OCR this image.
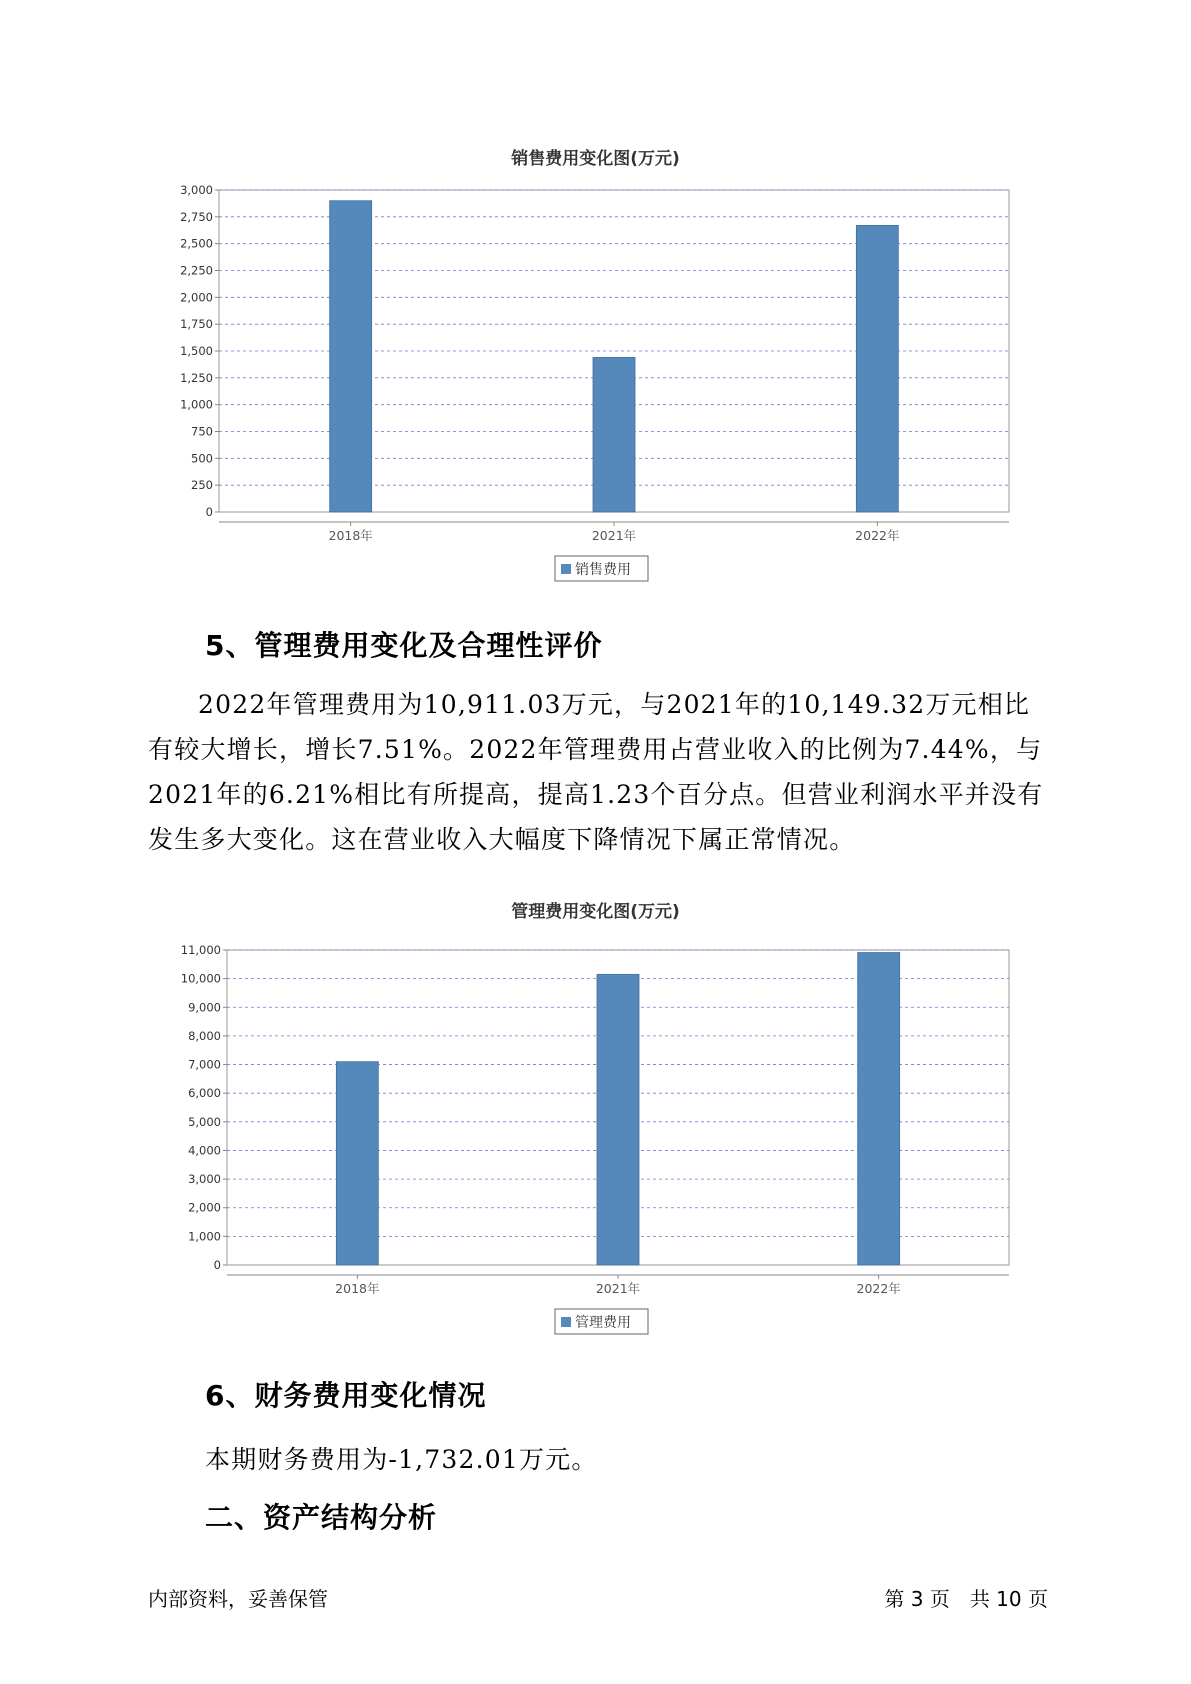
销售费用变化图(万元)
0
250
500
750
1,000
1,250
1,500
1,750
2,000
2,250
2,500
2,750
3,000
2018年	2021年	2022年
销售费用
5、管理费用变化及合理性评价

2022年管理费用为10,911.03万元，与2021年的10,149.32万元相比有较大增长，增长7.51%。2022年管理费用占营业收入的比例为7.44%，与2021年的6.21%相比有所提高，提高1.23个百分点。但营业利润水平并没有发生多大变化。这在营业收入大幅度下降情况下属正常情况。

管理费用变化图(万元)
0
1,000
2,000
3,000
4,000
5,000
6,000
7,000
8,000
9,000
10,000
11,000
2018年	2021年	2022年
管理费用
6、财务费用变化情况
本期财务费用为-1,732.01万元。
二、资产结构分析
内部资料，妥善保管	第 3 页　共 10 页
